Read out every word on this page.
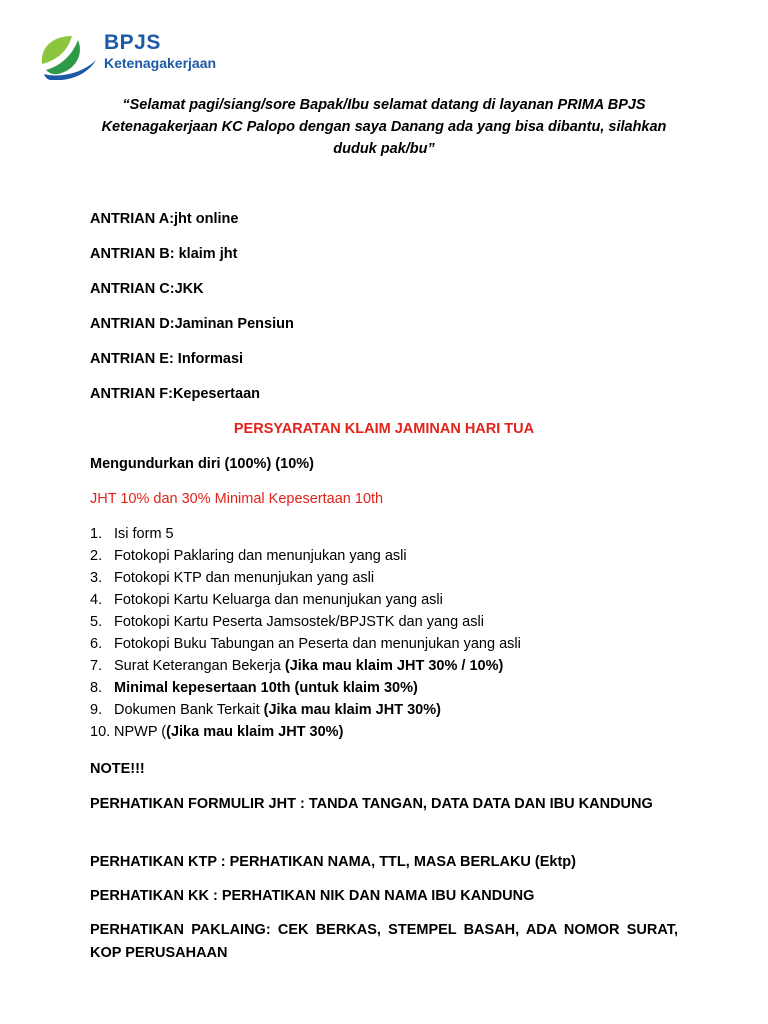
BPJS
Ketenagakerjaan
“Selamat pagi/siang/sore Bapak/Ibu selamat datang di layanan PRIMA BPJS Ketenagakerjaan KC Palopo dengan saya Danang ada yang bisa dibantu, silahkan duduk pak/bu”
ANTRIAN A:jht online
ANTRIAN B: klaim jht
ANTRIAN C:JKK
ANTRIAN D:Jaminan Pensiun
ANTRIAN E: Informasi
ANTRIAN F:Kepesertaan
PERSYARATAN KLAIM JAMINAN HARI TUA
Mengundurkan diri (100%) (10%)
JHT 10% dan 30% Minimal Kepesertaan 10th
1. Isi form 5
2. Fotokopi Paklaring dan menunjukan yang asli
3. Fotokopi KTP dan menunjukan yang asli
4. Fotokopi Kartu Keluarga dan menunjukan yang asli
5. Fotokopi Kartu Peserta Jamsostek/BPJSTK dan yang asli
6. Fotokopi Buku Tabungan an Peserta dan menunjukan yang asli
7. Surat Keterangan Bekerja (Jika mau klaim JHT 30% / 10%)
8. Minimal kepesertaan 10th (untuk klaim 30%)
9. Dokumen Bank Terkait (Jika mau klaim JHT 30%)
10. NPWP ( (Jika mau klaim JHT 30%)
NOTE!!!
PERHATIKAN FORMULIR JHT : TANDA TANGAN, DATA DATA DAN IBU KANDUNG
PERHATIKAN KTP : PERHATIKAN NAMA, TTL, MASA BERLAKU (Ektp)
PERHATIKAN KK : PERHATIKAN NIK DAN NAMA IBU KANDUNG
PERHATIKAN PAKLAING: CEK BERKAS, STEMPEL BASAH, ADA NOMOR SURAT, KOP PERUSAHAAN
